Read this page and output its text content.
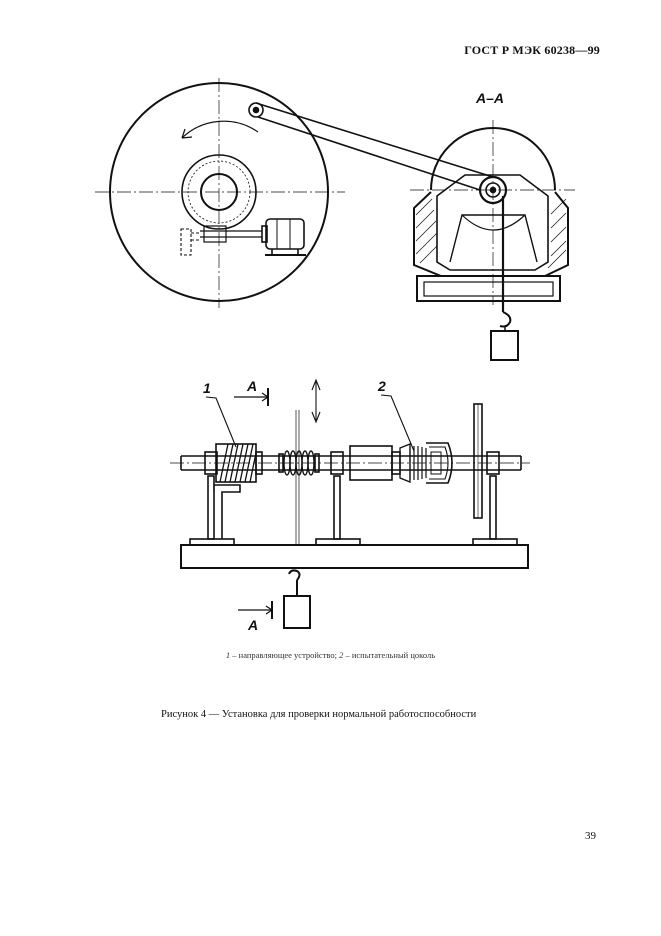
ГОСТ Р МЭК 60238—99
А–А
1	2
А
А
1 – направляющее устройство; 2 – испытательный цоколь
Рисунок 4 — Установка для проверки нормальной работоспособности
39
